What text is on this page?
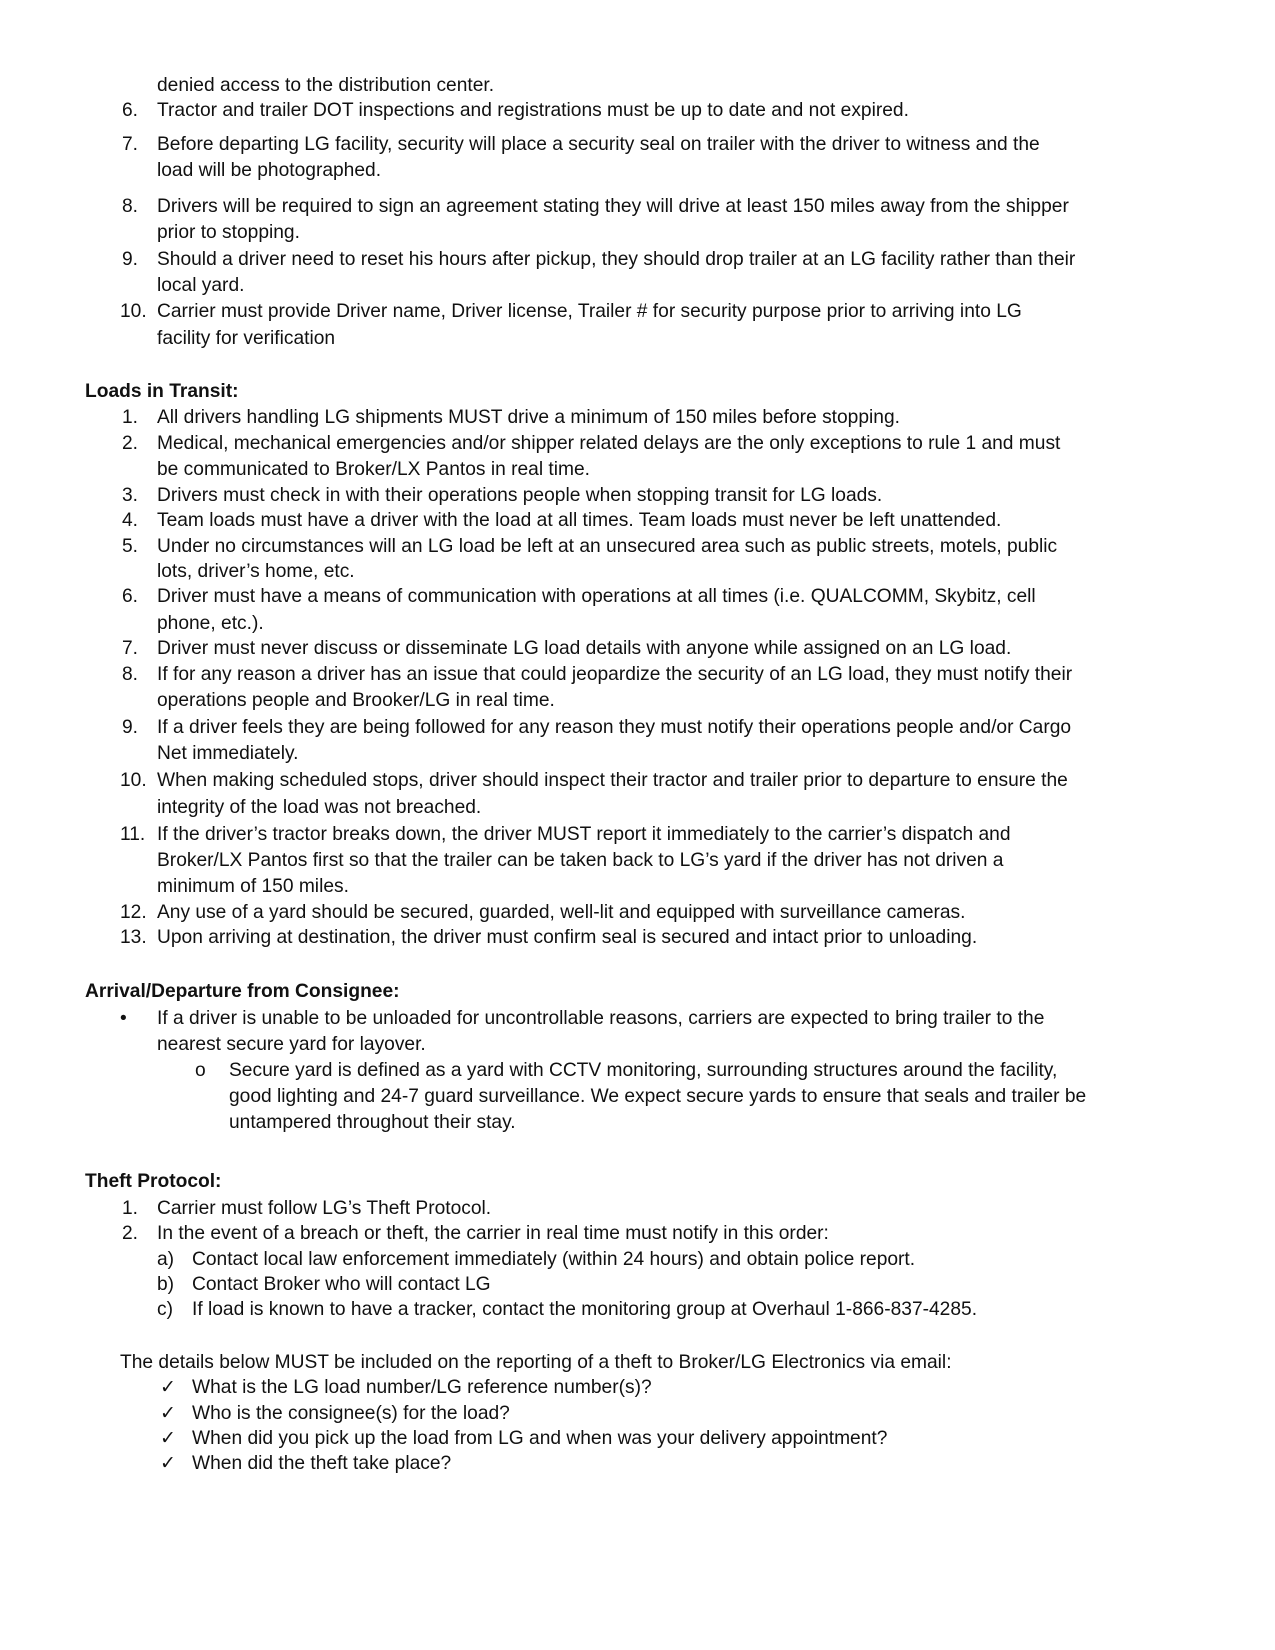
denied access to the distribution center.
6. Tractor and trailer DOT inspections and registrations must be up to date and not expired.
7. Before departing LG facility, security will place a security seal on trailer with the driver to witness and the
load will be photographed.
8. Drivers will be required to sign an agreement stating they will drive at least 150 miles away from the shipper
prior to stopping.
9. Should a driver need to reset his hours after pickup, they should drop trailer at an LG facility rather than their
local yard.
10. Carrier must provide Driver name, Driver license, Trailer # for security purpose prior to arriving into LG
facility for verification
Loads in Transit:
1. All drivers handling LG shipments MUST drive a minimum of 150 miles before stopping.
2. Medical, mechanical emergencies and/or shipper related delays are the only exceptions to rule 1 and must
be communicated to Broker/LX Pantos in real time.
3. Drivers must check in with their operations people when stopping transit for LG loads.
4. Team loads must have a driver with the load at all times. Team loads must never be left unattended.
5. Under no circumstances will an LG load be left at an unsecured area such as public streets, motels, public
lots, driver’s home, etc.
6. Driver must have a means of communication with operations at all times (i.e. QUALCOMM, Skybitz, cell
phone, etc.).
7. Driver must never discuss or disseminate LG load details with anyone while assigned on an LG load.
8. If for any reason a driver has an issue that could jeopardize the security of an LG load, they must notify their
operations people and Brooker/LG in real time.
9. If a driver feels they are being followed for any reason they must notify their operations people and/or Cargo
Net immediately.
10. When making scheduled stops, driver should inspect their tractor and trailer prior to departure to ensure the
integrity of the load was not breached.
11. If the driver’s tractor breaks down, the driver MUST report it immediately to the carrier’s dispatch and
Broker/LX Pantos first so that the trailer can be taken back to LG’s yard if the driver has not driven a
minimum of 150 miles.
12. Any use of a yard should be secured, guarded, well-lit and equipped with surveillance cameras.
13. Upon arriving at destination, the driver must confirm seal is secured and intact prior to unloading.
Arrival/Departure from Consignee:
• If a driver is unable to be unloaded for uncontrollable reasons, carriers are expected to bring trailer to the
nearest secure yard for layover.
o Secure yard is defined as a yard with CCTV monitoring, surrounding structures around the facility,
good lighting and 24-7 guard surveillance. We expect secure yards to ensure that seals and trailer be
untampered throughout their stay.
Theft Protocol:
1. Carrier must follow LG’s Theft Protocol.
2. In the event of a breach or theft, the carrier in real time must notify in this order:
a) Contact local law enforcement immediately (within 24 hours) and obtain police report.
b) Contact Broker who will contact LG
c) If load is known to have a tracker, contact the monitoring group at Overhaul 1-866-837-4285.
The details below MUST be included on the reporting of a theft to Broker/LG Electronics via email:
✓ What is the LG load number/LG reference number(s)?
✓ Who is the consignee(s) for the load?
✓ When did you pick up the load from LG and when was your delivery appointment?
✓ When did the theft take place?
